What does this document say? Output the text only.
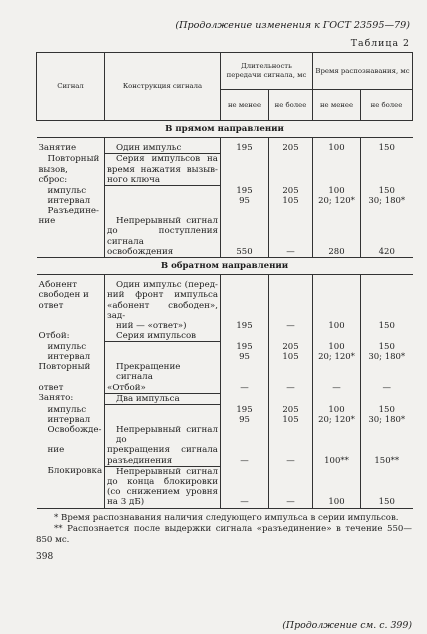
(Продолжение изменения к ГОСТ 23595—79)
Таблица 2
Сигнал	Конструкция сигнала	Длительность передачи сигнала, мс		Время распознавания, мс	
		не менее	не более	не менее	не более
В прямом направлении					

Занятие	Один импульс	195	205	100	150
Повторный	Серия импульсов на				
вызов,	время нажатия вызыв-				
сброс:	ного ключа				
импульс		195	205	100	150
интервал		95	105	20; 120*	30; 180*
Разъедине-					
ние	Непрерывный сигнал				
	до поступления сигнала				
	освобождения	550	—	280	420
В обратном направлении					

Абонент	Один импульс (перед-				
свободен и	ний фронт импульса				
ответ	«абонент свободен», зад-				
	ний — «ответ»)	195	—	100	150
Отбой:	Серия импульсов				
импульс		195	205	100	150
интервал		95	105	20; 120*	30; 180*
Повторный	Прекращение сигнала				
ответ	«Отбой»	—	—	—	—
Занято:	Два импульса				
импульс		195	205	100	150
интервал		95	105	20; 120*	30; 180*
Освобожде-	Непрерывный сигнал до				
ние	прекращения сигнала				
	разъединения	—	—	100**	150**
Блокировка	Непрерывный сигнал				
	до конца блокировки				
	(со снижением уровня				
	на 3 дБ)	—	—	100	150
* Время распознавания наличия следующего импульса в серии импульсов.
** Распознается после выдержки сигнала «разъединение» в течение 550—850 мс.
398
(Продолжение см. с. 399)
